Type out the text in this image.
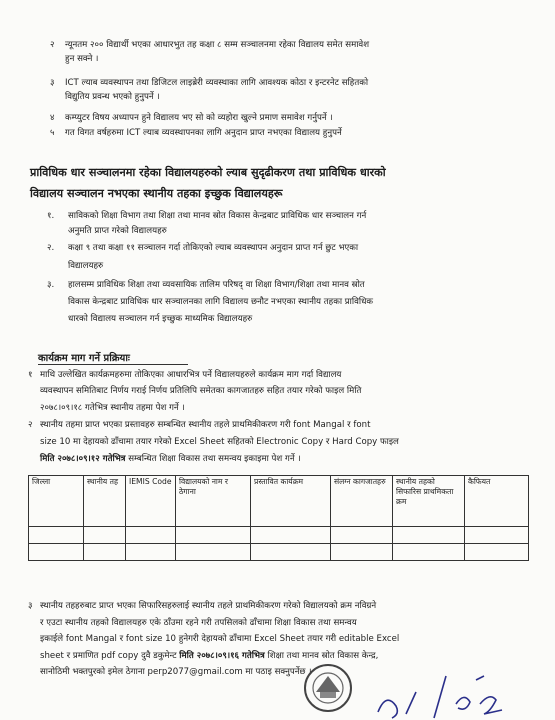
२ न्यूनतम २०० विद्यार्थी भएका आधारभुत तह कक्षा ८ सम्म सञ्चालनमा रहेका विद्यालय समेत समावेश
हुन सक्ने ।
३ ICT ल्याब व्यवस्थापन तथा डिजिटल लाइब्रेरी व्यवस्थाका लागि आवश्यक कोठा र इन्टरनेट सहितको
विद्युतिय प्रवन्ध भएको हुनुपर्ने ।
४ कम्प्युटर विषय अध्यापन हुने विद्यालय भए सो को व्यहोरा खुल्ने प्रमाण समावेश गर्नुपर्ने ।
५ गत विगत वर्षहरुमा ICT ल्याब व्यवस्थापनका लागि अनुदान प्राप्त नभएका विद्यालय हुनुपर्ने
प्राविधिक धार सञ्चालनमा रहेका विद्यालयहरुको ल्याब सुदृढीकरण तथा प्राविधिक धारको
विद्यालय सञ्चालन नभएका स्थानीय तहका इच्छुक विद्यालयहरू
१. साविकको शिक्षा विभाग तथा शिक्षा तथा मानव स्रोत विकास केन्द्रबाट प्राविधिक धार सञ्चालन गर्न
अनुमति प्राप्त गरेको विद्यालयहरु
२. कक्षा ९ तथा कक्षा ११ सञ्चालन गर्दा तोकिएको ल्याब व्यवस्थापन अनुदान प्राप्त गर्न छुट भएका
विद्यालयहरु
३. हालसम्म प्राविधिक शिक्षा तथा व्यवसायिक तालिम परिषद् वा शिक्षा विभाग/शिक्षा तथा मानव स्रोत
विकास केन्द्रबाट प्राविधिक धार सञ्चालनका लागि विद्यालय छनौट नभएका स्थानीय तहका प्राविधिक
धारको विद्यालय सञ्चालन गर्न इच्छुक माध्यमिक विद्यालयहरु
कार्यक्रम माग गर्ने प्रक्रियाः
१ माथि उल्लेखित कार्यक्रमहरुमा तोकिएका आधारभित्र पर्ने विद्यालयहरुले कार्यक्रम माग गर्दा विद्यालय
व्यवस्थापन समितिबाट निर्णय गराई निर्णय प्रतिलिपि समेतका कागजातहरु सहित तयार गरेको फाइल मिति
२०७८।०९।१८ गतेभित्र स्थानीय तहमा पेश गर्ने ।
२ स्थानीय तहमा प्राप्त भएका प्रस्तावहरु सम्बन्धित स्थानीय तहले प्राथमिकीकरण गरी font Mangal र font
size 10 मा देहायको ढाँचामा तयार गरेको Excel Sheet सहितको Electronic Copy र Hard Copy फाइल
मिति २०७८।०९।१२ गतेभित्र सम्बन्धित शिक्षा विकास तथा समन्वय इकाइमा पेश गर्ने ।
जिल्ला	स्थानीय तह	IEMIS Code	विद्यालयको नाम र ठेगाना	प्रस्तावित कार्यक्रम	संलग्न कागजातहरु	स्थानीय तहको सिफारिस प्राथमिकता क्रम	कैफियत

३ स्थानीय तहहरुबाट प्राप्त भएका सिफारिसहरुलाई स्थानीय तहले प्राथमिकीकरण गरेको विद्यालयको क्रम नविग्रने
र एउटा स्थानीय तहको विद्यालयहरु एके ठाँउमा रहने गरी तपसिलको ढाँचामा शिक्षा विकास तथा समन्वय
इकाईले font Mangal र font size 10 हुनेगरी देहायको ढाँचामा Excel Sheet तयार गरी editable Excel
sheet र प्रमाणित pdf copy दुवै डकुमेन्ट मिति २०७८।०९।१६ गतेभित्र शिक्षा तथा मानव स्रोत विकास केन्द्र,
सानोठिमी भक्तपुरको इमेल ठेगाना perp2077@gmail.com मा पठाइ सक्नुपर्नेछ ।
